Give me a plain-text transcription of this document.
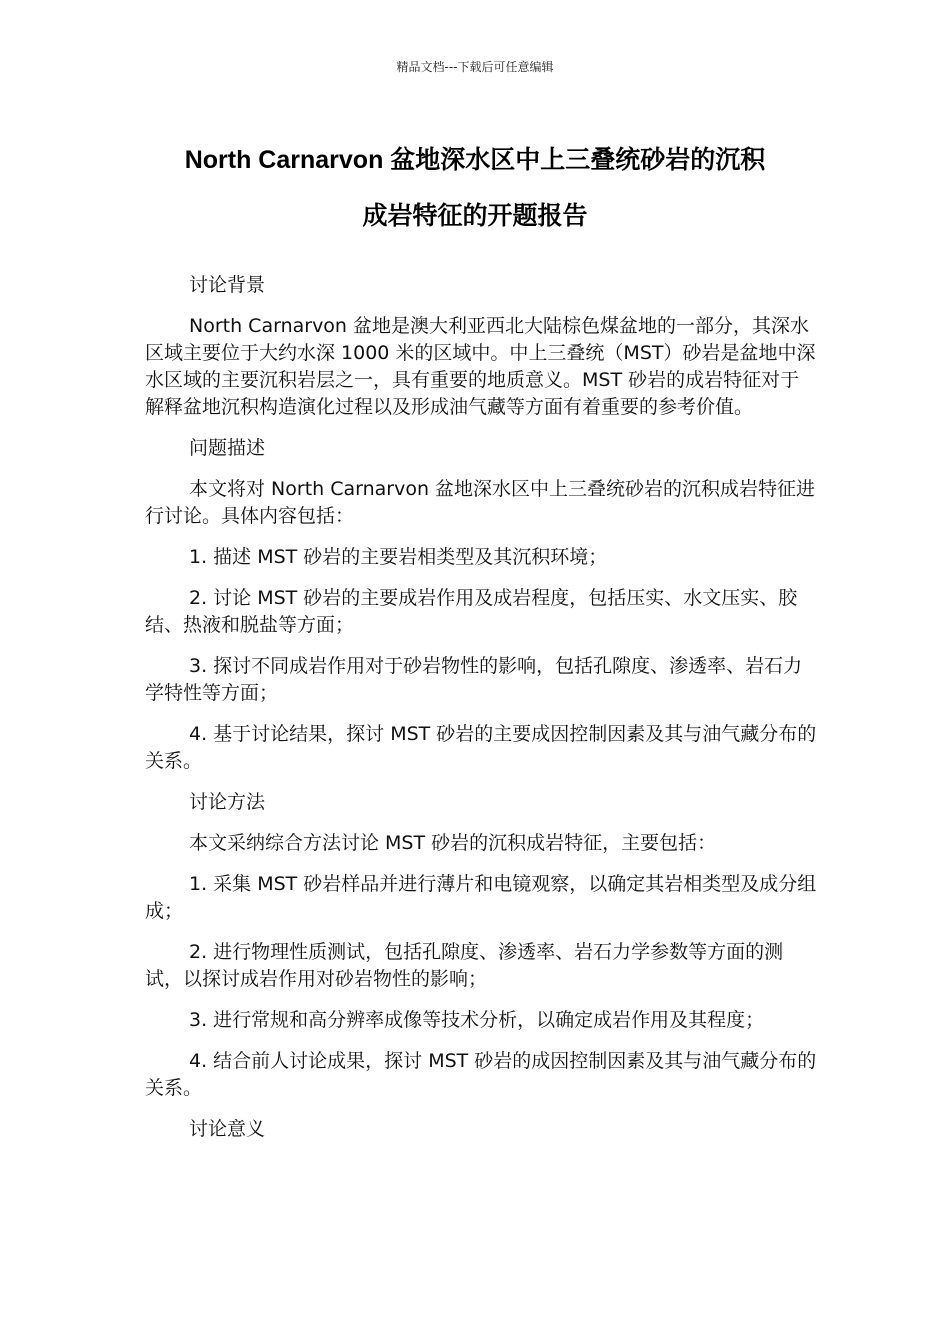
精品文档---下载后可任意编辑
North Carnarvon 盆地深水区中上三叠统砂岩的沉积
成岩特征的开题报告

讨论背景

North Carnarvon 盆地是澳大利亚西北大陆棕色煤盆地的一部分，其深水区域主要位于大约水深 1000 米的区域中。中上三叠统（MST）砂岩是盆地中深水区域的主要沉积岩层之一，具有重要的地质意义。MST 砂岩的成岩特征对于解释盆地沉积构造演化过程以及形成油气藏等方面有着重要的参考价值。

问题描述

本文将对 North Carnarvon 盆地深水区中上三叠统砂岩的沉积成岩特征进行讨论。具体内容包括：

1. 描述 MST 砂岩的主要岩相类型及其沉积环境；

2. 讨论 MST 砂岩的主要成岩作用及成岩程度，包括压实、水文压实、胶结、热液和脱盐等方面；

3. 探讨不同成岩作用对于砂岩物性的影响，包括孔隙度、渗透率、岩石力学特性等方面；

4. 基于讨论结果，探讨 MST 砂岩的主要成因控制因素及其与油气藏分布的关系。

讨论方法

本文采纳综合方法讨论 MST 砂岩的沉积成岩特征，主要包括：

1. 采集 MST 砂岩样品并进行薄片和电镜观察，以确定其岩相类型及成分组成；

2. 进行物理性质测试，包括孔隙度、渗透率、岩石力学参数等方面的测试，以探讨成岩作用对砂岩物性的影响；

3. 进行常规和高分辨率成像等技术分析，以确定成岩作用及其程度；

4. 结合前人讨论成果，探讨 MST 砂岩的成因控制因素及其与油气藏分布的关系。

讨论意义
